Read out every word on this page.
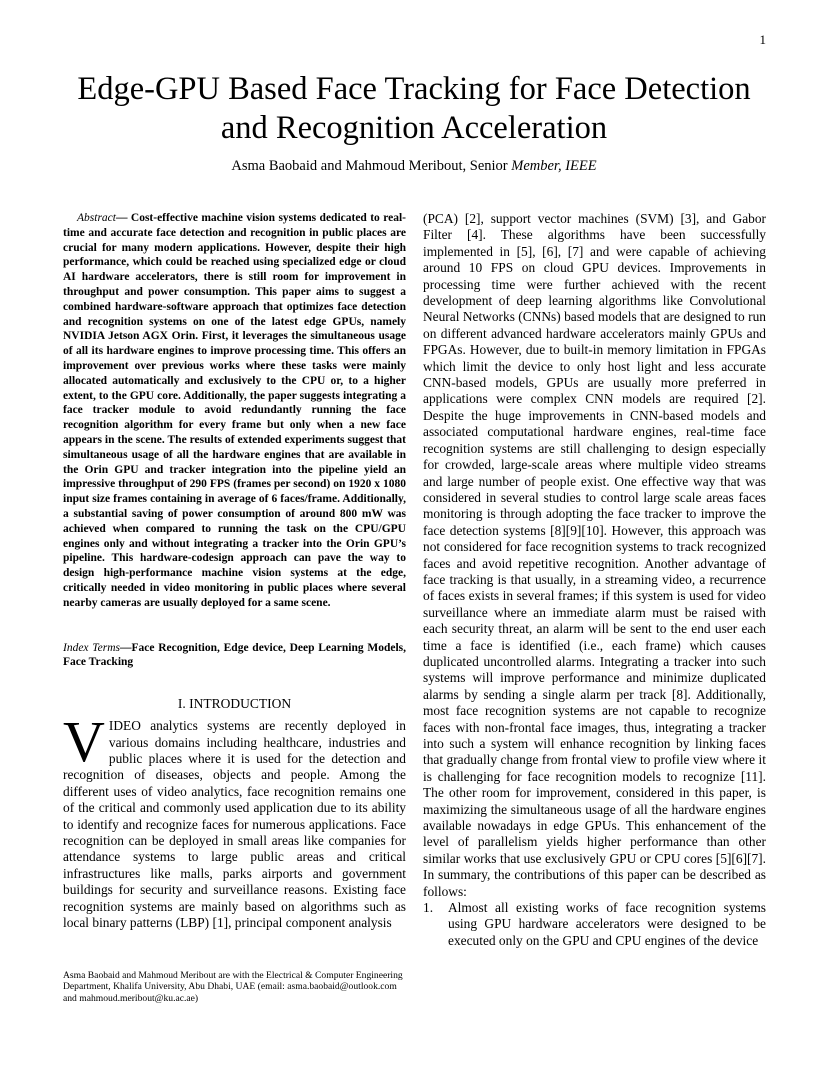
1
Edge-GPU Based Face Tracking for Face Detection
and Recognition Acceleration
Asma Baobaid and Mahmoud Meribout, Senior Member, IEEE

Abstract— Cost-effective machine vision systems dedicated to real-time and accurate face detection and recognition in public places are crucial for many modern applications. However, despite their high performance, which could be reached using specialized edge or cloud AI hardware accelerators, there is still room for improvement in throughput and power consumption. This paper aims to suggest a combined hardware-software approach that optimizes face detection and recognition systems on one of the latest edge GPUs, namely NVIDIA Jetson AGX Orin. First, it leverages the simultaneous usage of all its hardware engines to improve processing time. This offers an improvement over previous works where these tasks were mainly allocated automatically and exclusively to the CPU or, to a higher extent, to the GPU core. Additionally, the paper suggests integrating a face tracker module to avoid redundantly running the face recognition algorithm for every frame but only when a new face appears in the scene. The results of extended experiments suggest that simultaneous usage of all the hardware engines that are available in the Orin GPU and tracker integration into the pipeline yield an impressive throughput of 290 FPS (frames per second) on 1920 x 1080 input size frames containing in average of 6 faces/frame. Additionally, a substantial saving of power consumption of around 800 mW was achieved when compared to running the task on the CPU/GPU engines only and without integrating a tracker into the Orin GPU’s pipeline. This hardware-codesign approach can pave the way to design high-performance machine vision systems at the edge, critically needed in video monitoring in public places where several nearby cameras are usually deployed for a same scene.

Index Terms—Face Recognition, Edge device, Deep Learning Models, Face Tracking

I. INTRODUCTION

VIDEO analytics systems are recently deployed in various domains including healthcare, industries and public places where it is used for the detection and recognition of diseases, objects and people. Among the different uses of video analytics, face recognition remains one of the critical and commonly used application due to its ability to identify and recognize faces for numerous applications. Face recognition can be deployed in small areas like companies for attendance systems to large public areas and critical infrastructures like malls, parks airports and government buildings for security and surveillance reasons. Existing face recognition systems are mainly based on algorithms such as local binary patterns (LBP) [1], principal component analysis

(PCA) [2], support vector machines (SVM) [3], and Gabor Filter [4]. These algorithms have been successfully implemented in [5], [6], [7] and were capable of achieving around 10 FPS on cloud GPU devices. Improvements in processing time were further achieved with the recent development of deep learning algorithms like Convolutional Neural Networks (CNNs) based models that are designed to run on different advanced hardware accelerators mainly GPUs and FPGAs. However, due to built-in memory limitation in FPGAs which limit the device to only host light and less accurate CNN-based models, GPUs are usually more preferred in applications were complex CNN models are required [2]. Despite the huge improvements in CNN-based models and associated computational hardware engines, real-time face recognition systems are still challenging to design especially for crowded, large-scale areas where multiple video streams and large number of people exist. One effective way that was considered in several studies to control large scale areas faces monitoring is through adopting the face tracker to improve the face detection systems [8][9][10]. However, this approach was not considered for face recognition systems to track recognized faces and avoid repetitive recognition. Another advantage of face tracking is that usually, in a streaming video, a recurrence of faces exists in several frames; if this system is used for video surveillance where an immediate alarm must be raised with each security threat, an alarm will be sent to the end user each time a face is identified (i.e., each frame) which causes duplicated uncontrolled alarms. Integrating a tracker into such systems will improve performance and minimize duplicated alarms by sending a single alarm per track [8]. Additionally, most face recognition systems are not capable to recognize faces with non-frontal face images, thus, integrating a tracker into such a system will enhance recognition by linking faces that gradually change from frontal view to profile view where it is challenging for face recognition models to recognize [11]. The other room for improvement, considered in this paper, is maximizing the simultaneous usage of all the hardware engines available nowadays in edge GPUs. This enhancement of the level of parallelism yields higher performance than other similar works that use exclusively GPU or CPU cores [5][6][7]. In summary, the contributions of this paper can be described as follows:

1. Almost all existing works of face recognition systems using GPU hardware accelerators were designed to be executed only on the GPU and CPU engines of the device
Asma Baobaid and Mahmoud Meribout are with the Electrical & Computer Engineering Department, Khalifa University, Abu Dhabi, UAE (email: asma.baobaid@outlook.com and mahmoud.meribout@ku.ac.ae)
